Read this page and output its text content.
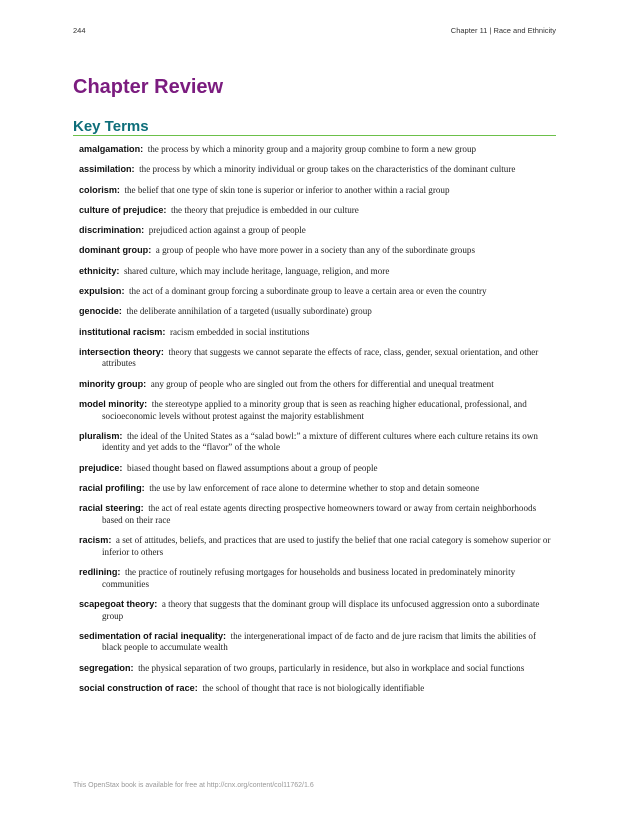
244	Chapter 11 | Race and Ethnicity
Chapter Review
Key Terms

amalgamation: the process by which a minority group and a majority group combine to form a new group

assimilation: the process by which a minority individual or group takes on the characteristics of the dominant culture

colorism: the belief that one type of skin tone is superior or inferior to another within a racial group

culture of prejudice: the theory that prejudice is embedded in our culture

discrimination: prejudiced action against a group of people

dominant group: a group of people who have more power in a society than any of the subordinate groups

ethnicity: shared culture, which may include heritage, language, religion, and more

expulsion: the act of a dominant group forcing a subordinate group to leave a certain area or even the country

genocide: the deliberate annihilation of a targeted (usually subordinate) group

institutional racism: racism embedded in social institutions

intersection theory: theory that suggests we cannot separate the effects of race, class, gender, sexual orientation, and other attributes

minority group: any group of people who are singled out from the others for differential and unequal treatment

model minority: the stereotype applied to a minority group that is seen as reaching higher educational, professional, and socioeconomic levels without protest against the majority establishment

pluralism: the ideal of the United States as a “salad bowl:” a mixture of different cultures where each culture retains its own identity and yet adds to the “flavor” of the whole

prejudice: biased thought based on flawed assumptions about a group of people

racial profiling: the use by law enforcement of race alone to determine whether to stop and detain someone

racial steering: the act of real estate agents directing prospective homeowners toward or away from certain neighborhoods based on their race

racism: a set of attitudes, beliefs, and practices that are used to justify the belief that one racial category is somehow superior or inferior to others

redlining: the practice of routinely refusing mortgages for households and business located in predominately minority communities

scapegoat theory: a theory that suggests that the dominant group will displace its unfocused aggression onto a subordinate group

sedimentation of racial inequality: the intergenerational impact of de facto and de jure racism that limits the abilities of black people to accumulate wealth

segregation: the physical separation of two groups, particularly in residence, but also in workplace and social functions

social construction of race: the school of thought that race is not biologically identifiable

This OpenStax book is available for free at http://cnx.org/content/col11762/1.6
